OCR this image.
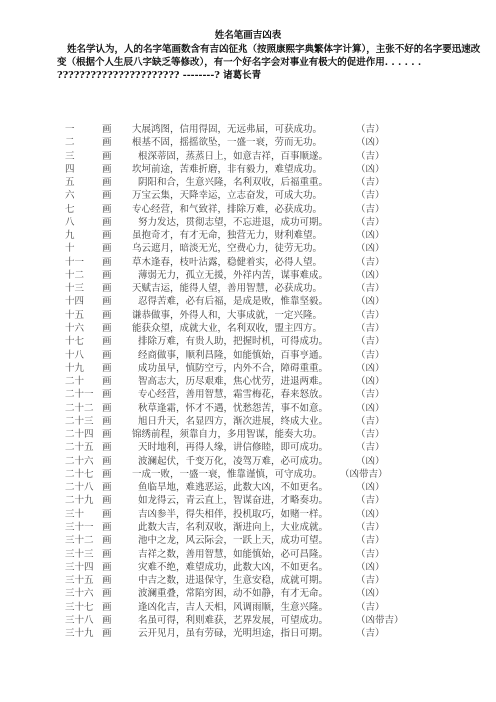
姓名笔画吉凶表
姓名学认为，人的名字笔画数含有吉凶征兆（按照康熙字典繁体字计算），主张不好的名字要迅速改变（根据个人生辰八字缺乏等修改），有一个好名字会对事业有极大的促进作用. . . . . .
?????????????????????? --------? 诸葛长青
一	画 大展鸿图，信用得固，无远弗届，可获成功。	（吉）
二	画 根基不固，摇摇欲坠，一盛一衰，劳而无功。	（凶）
三	画	根深蒂固，蒸蒸日上，如意吉祥，百事顺遂。	（吉）
四	画 坎坷前途，苦难折磨，非有毅力，难望成功。	（凶）
五	画	阴阳和合，生意兴隆，名利双收，后福重重。	（吉）
六	画 万宝云集，天降幸运，立志奋发，可成大功。	（吉）
七	画 专心经营，和气致祥，排除万难，必获成功。	（吉）
八	画	努力发达，贯彻志望，不忘进退，成功可期。	（吉）
九	画 虽抱奇才，有才无命，独营无力，财利难望。	（凶）
十	画 乌云遮月，暗淡无光，空费心力，徒劳无功。	（凶）
十一	画 草木逢春，枝叶沾露，稳健着实，必得人望。	（吉）
十二	画	薄弱无力，孤立无援，外祥内苦，谋事难成。	（凶）
十三	画 天赋吉运，能得人望，善用智慧，必获成功。	（吉）
十四	画	忍得苦难，必有后福，是成是败，惟靠坚毅。	（凶）
十五	画 谦恭做事，外得人和，大事成就，一定兴隆。	（吉）
十六	画 能获众望，成就大业，名利双收，盟主四方。	（吉）
十七	画	排除万难，有贵人助，把握时机，可得成功。	（吉）
十八	画	经商做事，顺利昌隆，如能慎始，百事亨通。	（吉）
十九	画	成功虽早，慎防空亏，内外不合，障碍重重。	（凶）
二十	画	智高志大，历尽艰难，焦心忧劳，进退两难。	（凶）
二十一 画	专心经营，善用智慧，霜雪梅花，春来怒放。	（吉）
二十二 画	秋草逢霜，怀才不遇，忧愁怨苦，事不如意。	（凶）
二十三 画	旭日升天，名显四方，渐次进展，终成大业。	（吉）
二十四 画 锦绣前程，须靠自力，多用智谋，能奏大功。	（吉）
二十五 画	天时地利，再得人缘，讲信修睦，即可成功。	（吉）
二十六 画	波澜起伏，千变万化，凌驾万难，必可成功。	（凶）
二十七 画 一成一败，一盛一衰，惟靠谨慎，可守成功。 （凶带吉）
二十八 画	鱼临旱地，难逃恶运，此数大凶，不如更名。	（凶）
二十九 画	如龙得云，青云直上，智谋奋进，才略奏功。	（吉）
三十	画	吉凶参半，得失相伴，投机取巧，如赌一样。	（凶）
三十一 画	此数大吉，名利双收，渐进向上，大业成就。	（吉）
三十二 画	池中之龙，风云际会，一跃上天，成功可望。	（吉）
三十三 画	吉祥之数，善用智慧，如能慎始，必可昌隆。	（吉）
三十四 画	灾难不绝，难望成功，此数大凶，不如更名。	（凶）
三十五 画	中吉之数，进退保守，生意安稳，成就可期。	（吉）
三十六 画	波澜重叠，常陷穷困，动不如静，有才无命。	（凶）
三十七 画	逢凶化吉，吉人天相，风调雨顺，生意兴隆。	（吉）
三十八 画	名虽可得，利则难获，艺界发展，可望成功。	（凶带吉）
三十九 画	云开见月，虽有劳碌，光明坦途，指日可期。	（吉）
